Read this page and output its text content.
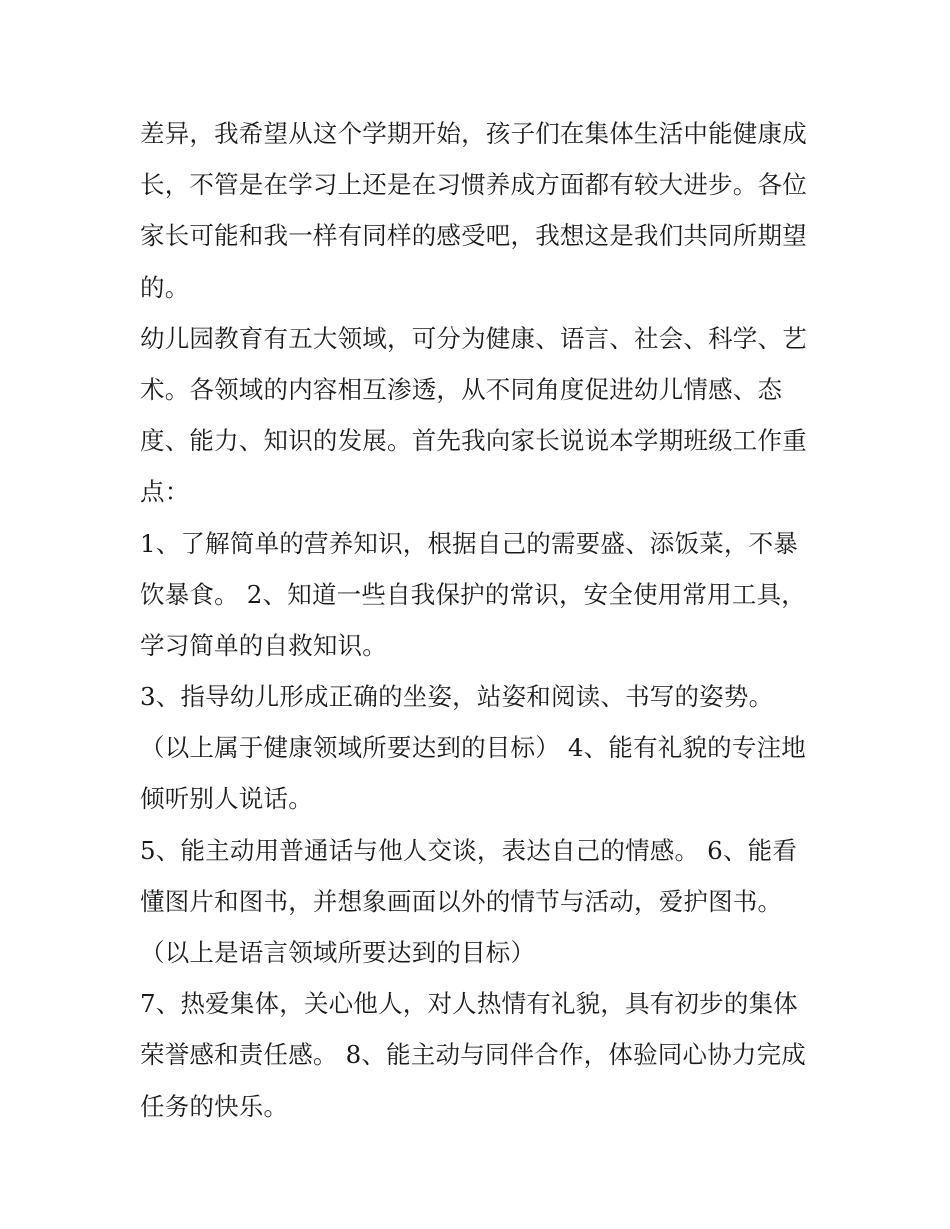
差异，我希望从这个学期开始，孩子们在集体生活中能健康成
长，不管是在学习上还是在习惯养成方面都有较大进步。各位
家长可能和我一样有同样的感受吧，我想这是我们共同所期望
的。
幼儿园教育有五大领域，可分为健康、语言、社会、科学、艺
术。各领域的内容相互渗透，从不同角度促进幼儿情感、态
度、能力、知识的发展。首先我向家长说说本学期班级工作重
点：
1、了解简单的营养知识，根据自己的需要盛、添饭菜，不暴
饮暴食。 2、知道一些自我保护的常识，安全使用常用工具，
学习简单的自救知识。
3、指导幼儿形成正确的坐姿，站姿和阅读、书写的姿势。
（以上属于健康领域所要达到的目标） 4、能有礼貌的专注地
倾听别人说话。
5、能主动用普通话与他人交谈，表达自己的情感。 6、能看
懂图片和图书，并想象画面以外的情节与活动，爱护图书。
（以上是语言领域所要达到的目标）
7、热爱集体，关心他人，对人热情有礼貌，具有初步的集体
荣誉感和责任感。 8、能主动与同伴合作，体验同心协力完成
任务的快乐。
